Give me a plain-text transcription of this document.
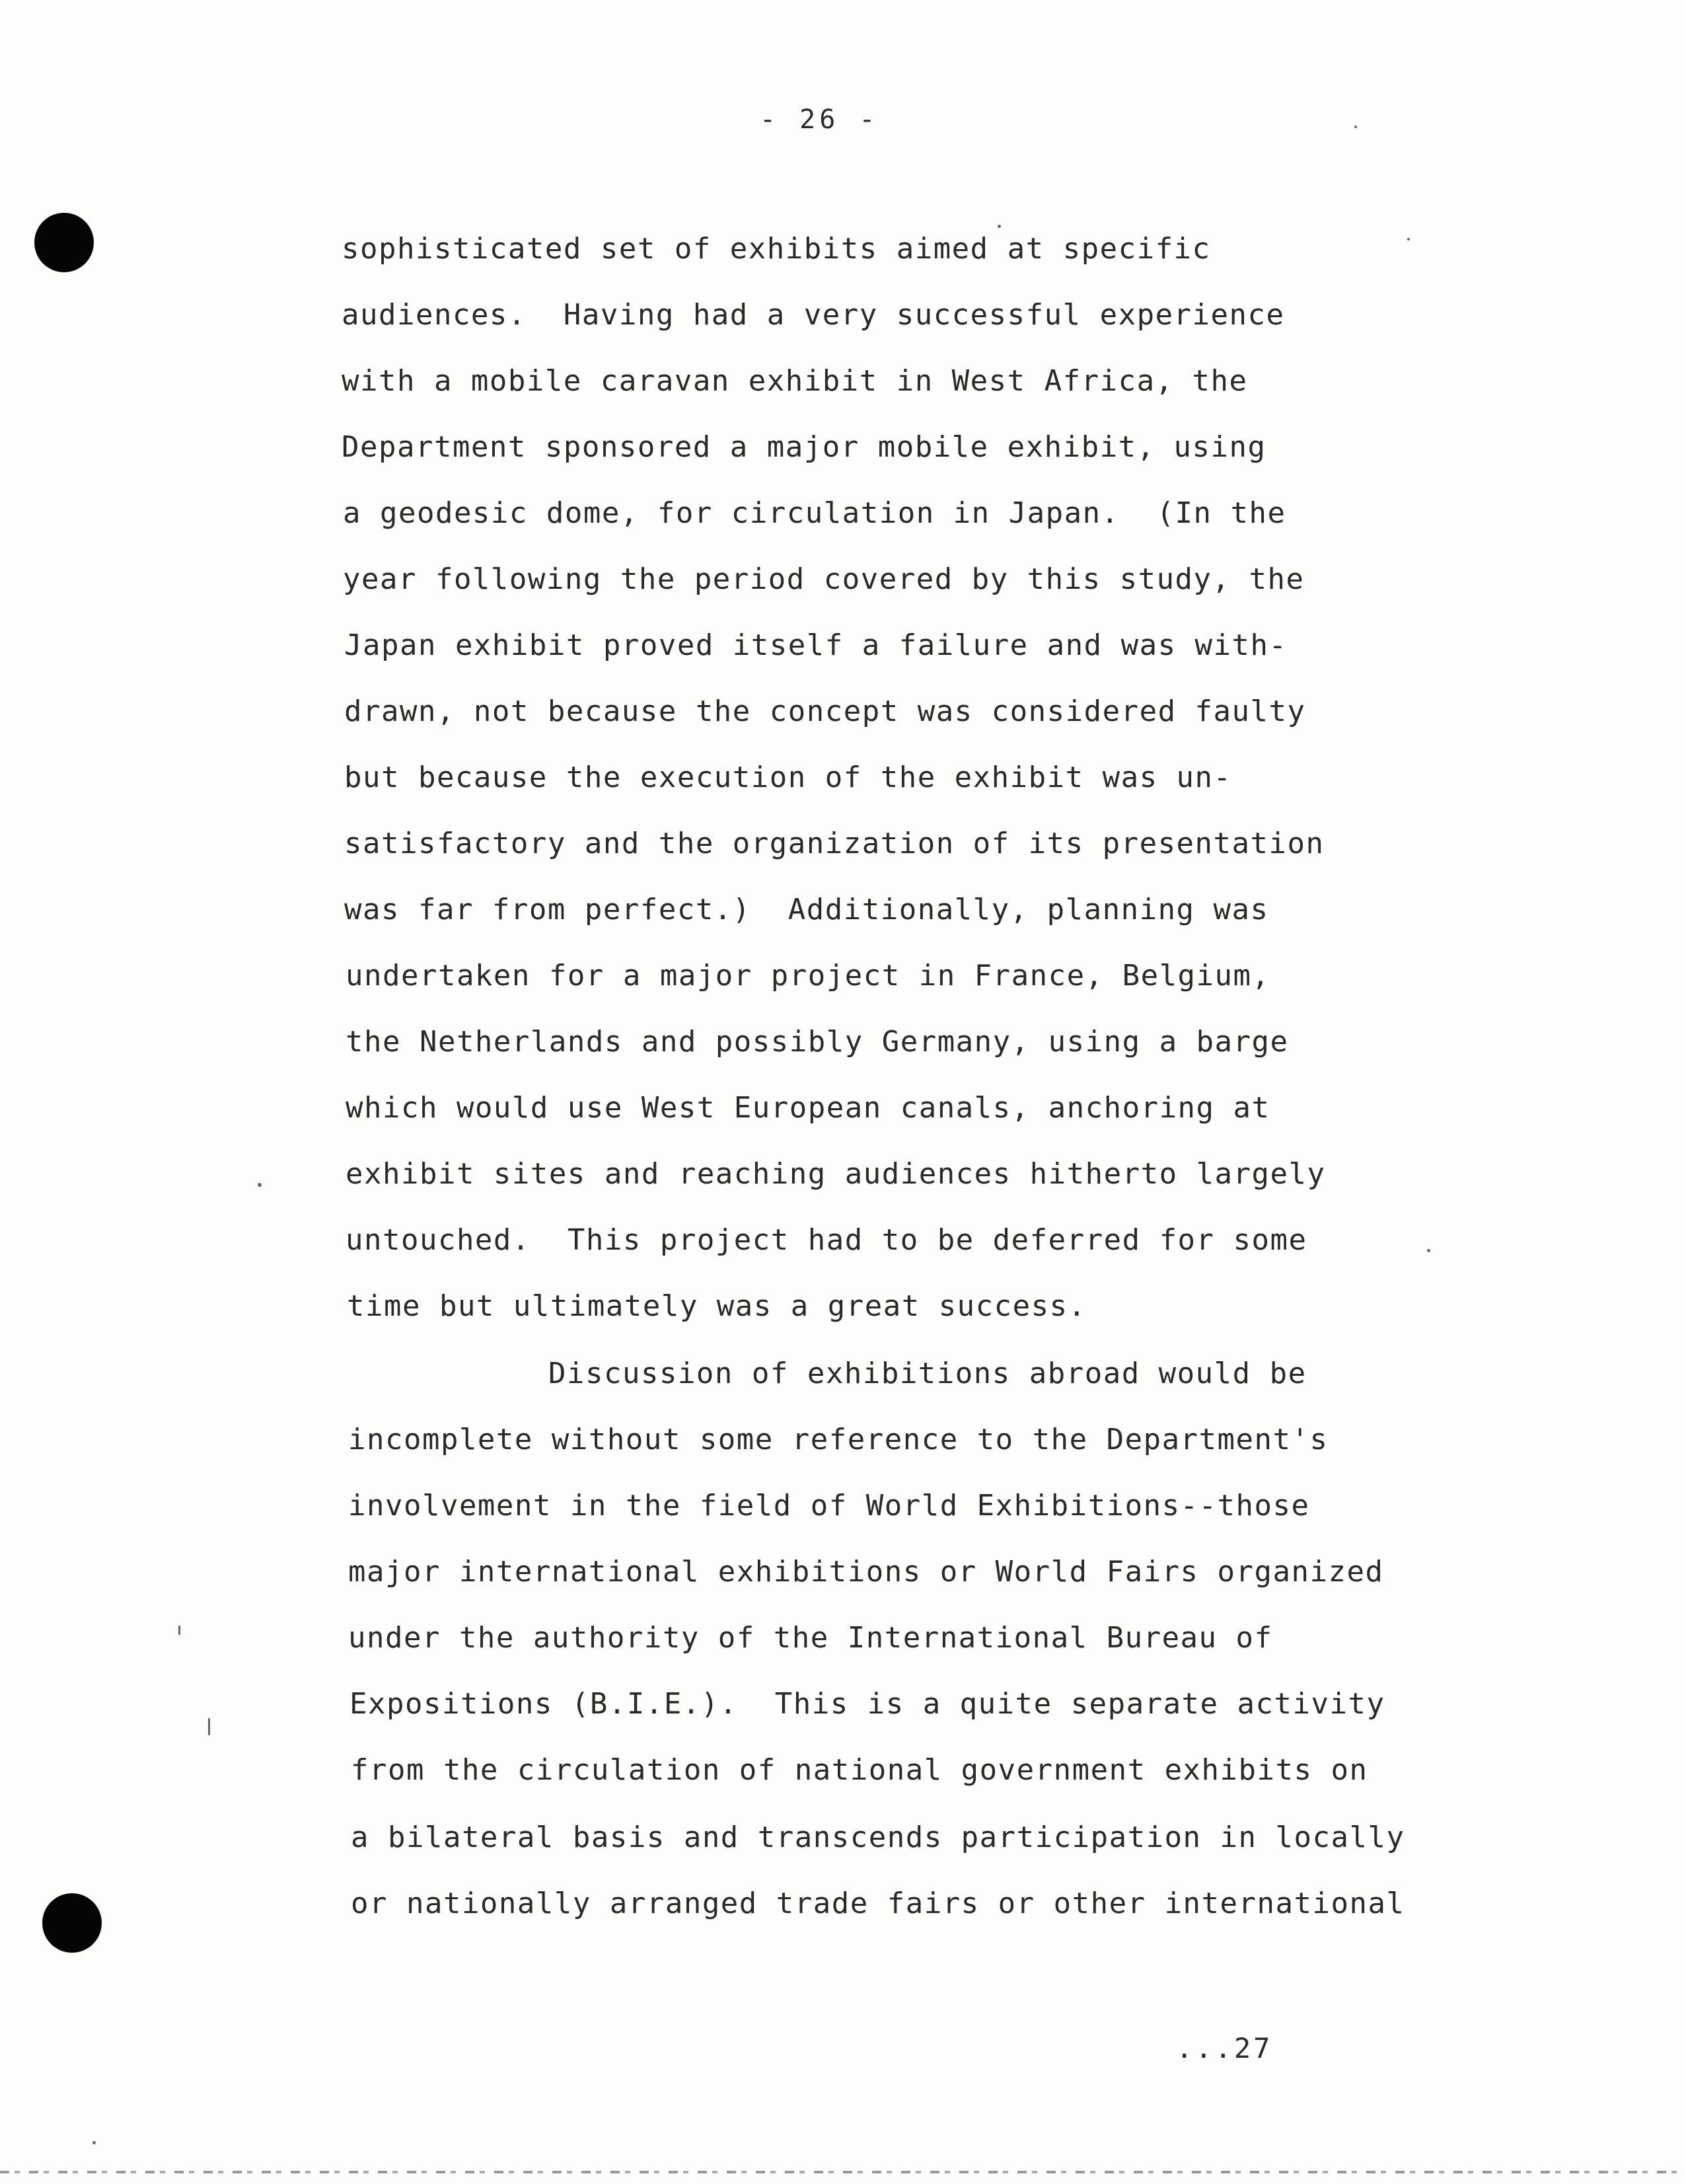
- 26 -
sophisticated set of exhibits aimed at specific
audiences.  Having had a very successful experience
with a mobile caravan exhibit in West Africa, the
Department sponsored a major mobile exhibit, using
a geodesic dome, for circulation in Japan.  (In the
year following the period covered by this study, the
Japan exhibit proved itself a failure and was with-
drawn, not because the concept was considered faulty
but because the execution of the exhibit was un-
satisfactory and the organization of its presentation
was far from perfect.)  Additionally, planning was
undertaken for a major project in France, Belgium,
the Netherlands and possibly Germany, using a barge
which would use West European canals, anchoring at
exhibit sites and reaching audiences hitherto largely
untouched.  This project had to be deferred for some
time but ultimately was a great success.
Discussion of exhibitions abroad would be
incomplete without some reference to the Department's
involvement in the field of World Exhibitions--those
major international exhibitions or World Fairs organized
under the authority of the International Bureau of
Expositions (B.I.E.).  This is a quite separate activity
from the circulation of national government exhibits on
a bilateral basis and transcends participation in locally
or nationally arranged trade fairs or other international
...27
